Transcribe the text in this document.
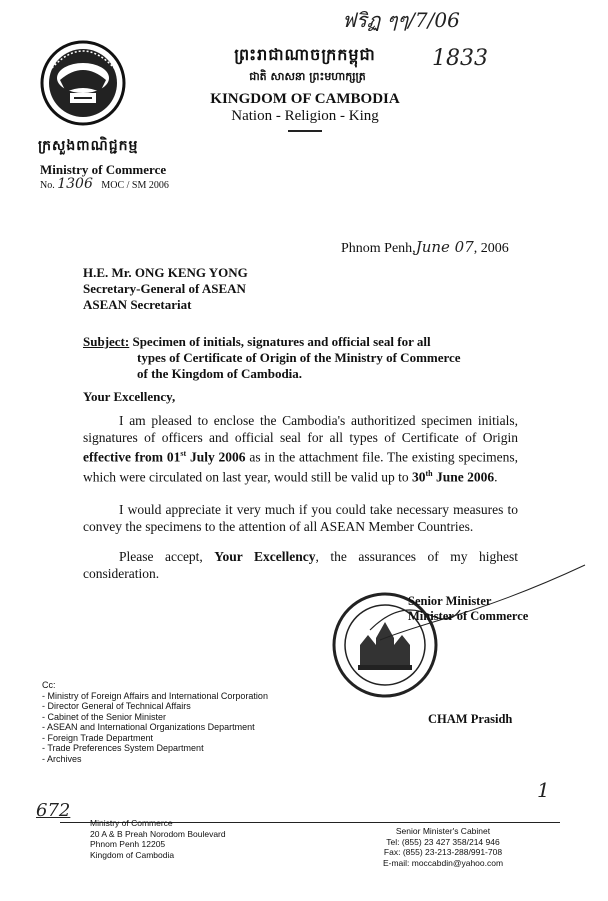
ฟริฏ ๆๆ/7/06
1833
ព្រះរាជាណាចក្រកម្ពុជា
ជាតិ សាសនា ព្រះមហាក្សត្រ
KINGDOM OF CAMBODIA
Nation - Religion - King
ក្រសួងពាណិជ្ជកម្ម
Ministry of Commerce
No. 1306 MOC / SM 2006
Phnom Penh,June 07, 2006
H.E. Mr. ONG KENG YONG
Secretary-General of ASEAN
ASEAN Secretariat
Subject: Specimen of initials, signatures and official seal for all
types of Certificate of Origin of the Ministry of Commerce
of the Kingdom of Cambodia.
Your Excellency,
I am pleased to enclose the Cambodia's authoritized specimen initials, signatures of officers and official seal for all types of Certificate of Origin effective from 01st July 2006 as in the attachment file. The existing specimens, which were circulated on last year, would still be valid up to 30th June 2006.
I would appreciate it very much if you could take necessary measures to convey the specimens to the attention of all ASEAN Member Countries.
Please accept, Your Excellency, the assurances of my highest consideration.
Senior Minister
Minister of Commerce
CHAM Prasidh
Cc:
- Ministry of Foreign Affairs and International Corporation
- Director General of Technical Affairs
- Cabinet of the Senior Minister
- ASEAN and International Organizations Department
- Foreign Trade Department
- Trade Preferences System Department
- Archives
1
672
Ministry of Commerce
20 A & B Preah Norodom Boulevard
Phnom Penh 12205
Kingdom of Cambodia
Senior Minister's Cabinet
Tel: (855) 23 427 358/214 946
Fax: (855) 23-213-288/991-708
E-mail: moccabdin@yahoo.com
